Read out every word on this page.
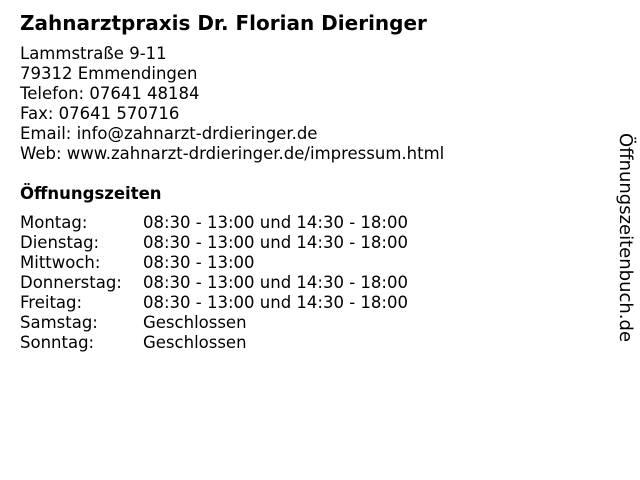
Zahnarztpraxis Dr. Florian Dieringer
Lammstraße 9-11
79312 Emmendingen
Telefon: 07641 48184
Fax: 07641 570716
Email: info@zahnarzt-drdieringer.de
Web: www.zahnarzt-drdieringer.de/impressum.html
Öffnungszeiten
Montag:	08:30 - 13:00 und 14:30 - 18:00
Dienstag:	08:30 - 13:00 und 14:30 - 18:00
Mittwoch:	08:30 - 13:00
Donnerstag: 08:30 - 13:00 und 14:30 - 18:00
Freitag:	08:30 - 13:00 und 14:30 - 18:00
Samstag:	Geschlossen
Sonntag:	Geschlossen
Öffnungszeitenbuch.de
